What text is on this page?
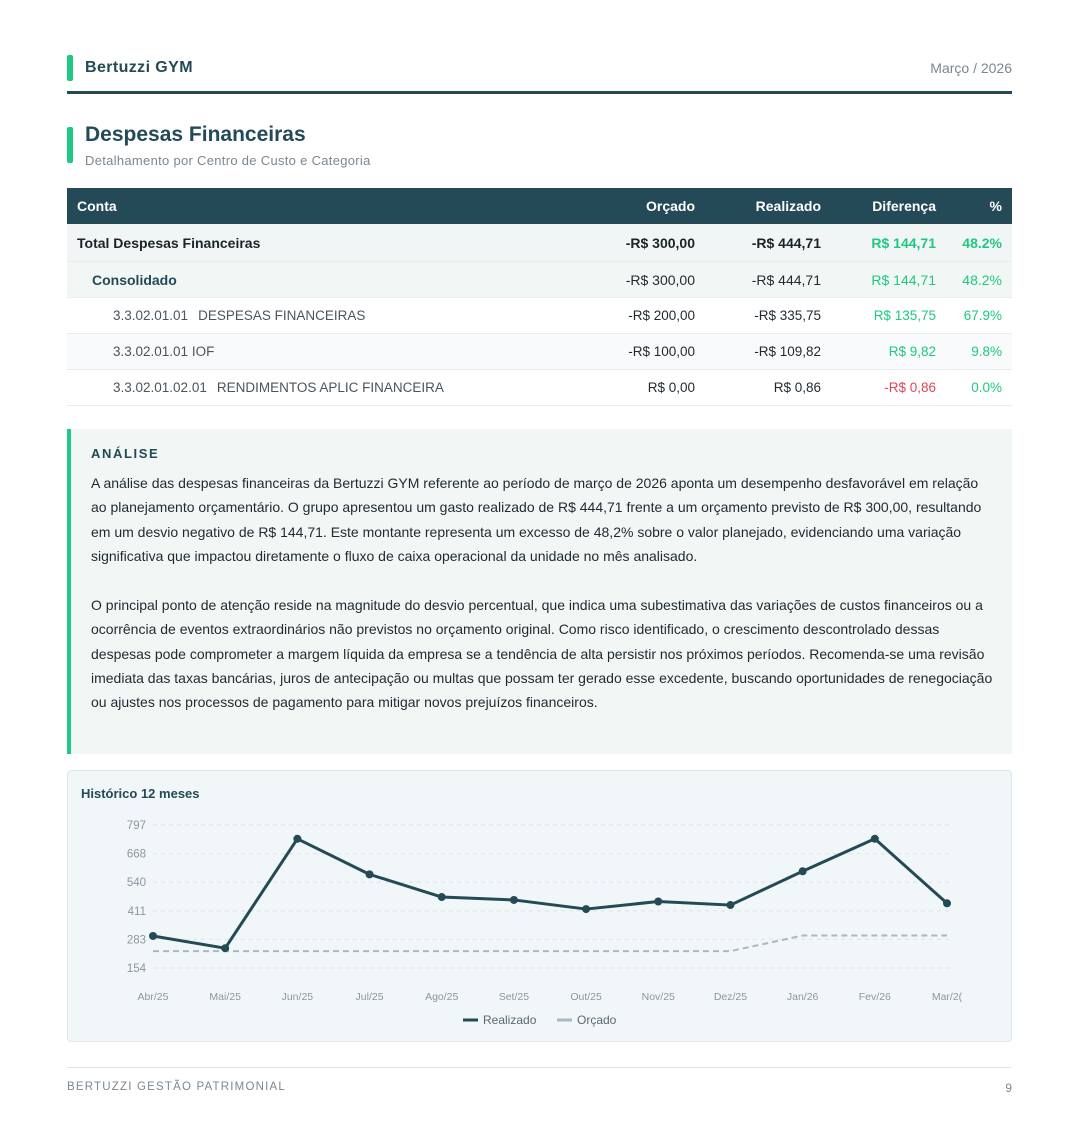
Bertuzzi GYM	Março / 2026
Despesas Financeiras
Detalhamento por Centro de Custo e Categoria
Conta	Orçado	Realizado	Diferença	%
Total Despesas Financeiras	-R$ 300,00	-R$ 444,71	R$ 144,71	48.2%
Consolidado	-R$ 300,00	-R$ 444,71	R$ 144,71	48.2%
3.3.02.01.01 DESPESAS FINANCEIRAS	-R$ 200,00	-R$ 335,75	R$ 135,75	67.9%
3.3.02.01.01 IOF	-R$ 100,00	-R$ 109,82	R$ 9,82	9.8%
3.3.02.01.02.01 RENDIMENTOS APLIC FINANCEIRA	R$ 0,00	R$ 0,86	-R$ 0,86	0.0%
ANÁLISE

A análise das despesas financeiras da Bertuzzi GYM referente ao período de março de 2026 aponta um desempenho desfavorável em relação ao planejamento orçamentário. O grupo apresentou um gasto realizado de R$ 444,71 frente a um orçamento previsto de R$ 300,00, resultando em um desvio negativo de R$ 144,71. Este montante representa um excesso de 48,2% sobre o valor planejado, evidenciando uma variação significativa que impactou diretamente o fluxo de caixa operacional da unidade no mês analisado.

O principal ponto de atenção reside na magnitude do desvio percentual, que indica uma subestimativa das variações de custos financeiros ou a ocorrência de eventos extraordinários não previstos no orçamento original. Como risco identificado, o crescimento descontrolado dessas despesas pode comprometer a margem líquida da empresa se a tendência de alta persistir nos próximos períodos. Recomenda-se uma revisão imediata das taxas bancárias, juros de antecipação ou multas que possam ter gerado esse excedente, buscando oportunidades de renegociação ou ajustes nos processos de pagamento para mitigar novos prejuízos financeiros.

Histórico 12 meses
797
668
540
411
283
154
Abr/25	Mai/25	Jun/25	Jul/25	Ago/25	Set/25	Out/25	Nov/25	Dez/25	Jan/26	Fev/26	Mar/2(
Realizado	Orçado
BERTUZZI GESTÃO PATRIMONIAL	9
